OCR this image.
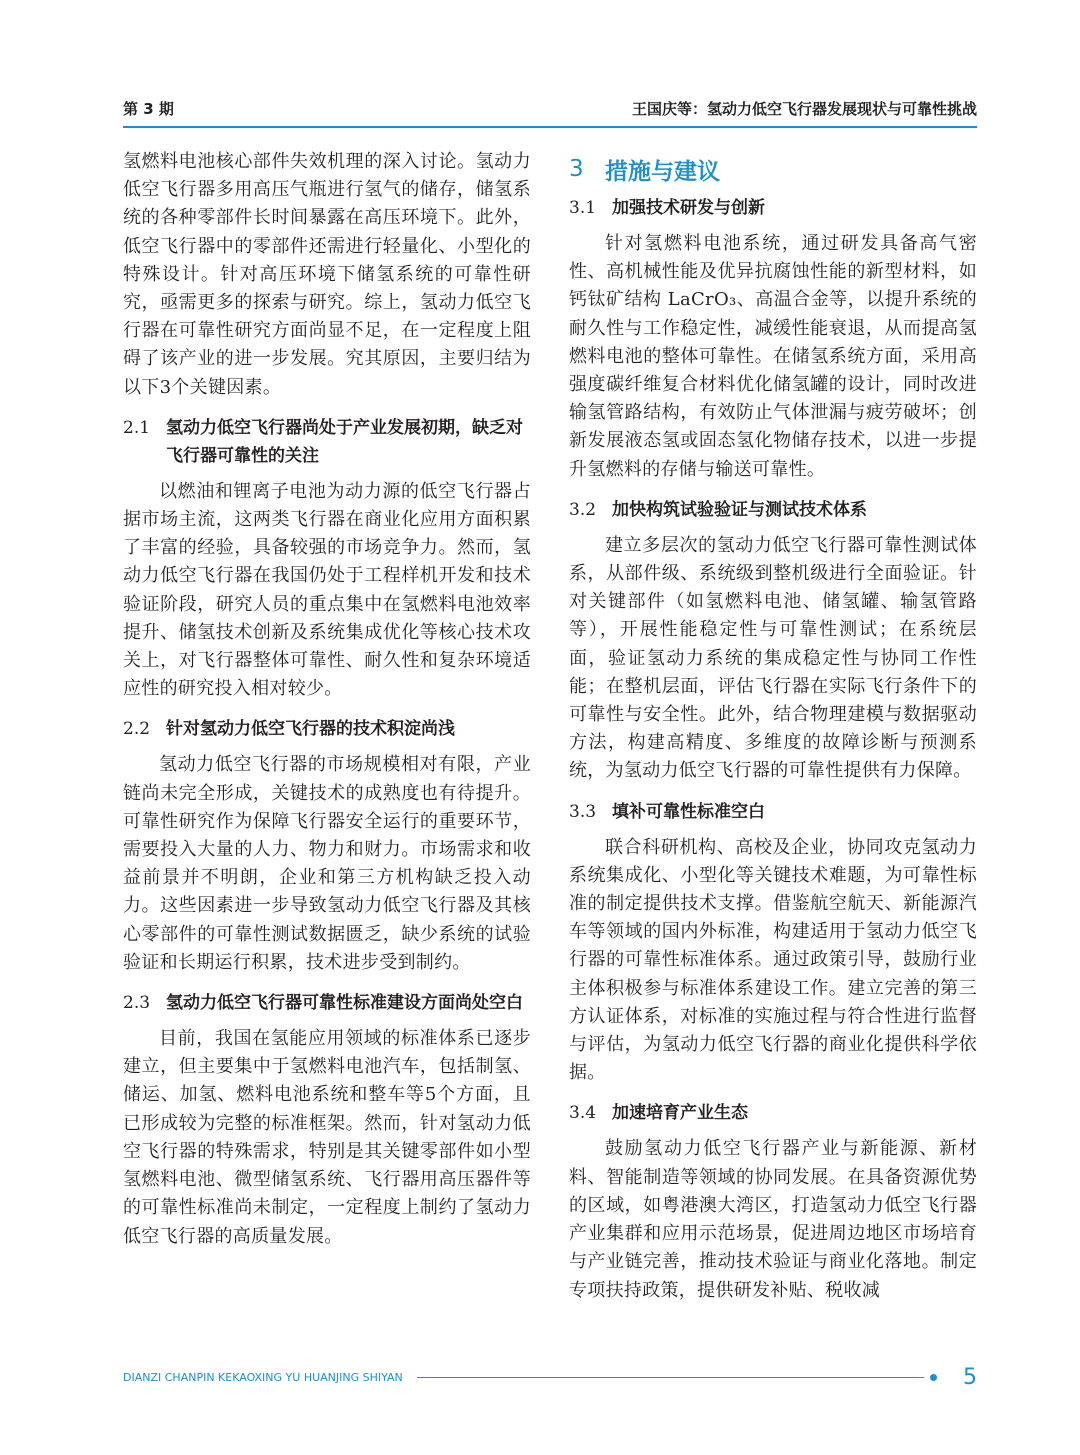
第 3 期	王国庆等：氢动力低空飞行器发展现状与可靠性挑战

氢燃料电池核心部件失效机理的深入讨论。氢动力低空飞行器多用高压气瓶进行氢气的储存，储氢系统的各种零部件长时间暴露在高压环境下。此外，低空飞行器中的零部件还需进行轻量化、小型化的特殊设计。针对高压环境下储氢系统的可靠性研究，亟需更多的探索与研究。综上，氢动力低空飞行器在可靠性研究方面尚显不足，在一定程度上阻碍了该产业的进一步发展。究其原因，主要归结为以下3个关键因素。

2.1 氢动力低空飞行器尚处于产业发展初期，缺乏对飞行器可靠性的关注

以燃油和锂离子电池为动力源的低空飞行器占据市场主流，这两类飞行器在商业化应用方面积累了丰富的经验，具备较强的市场竞争力。然而，氢动力低空飞行器在我国仍处于工程样机开发和技术验证阶段，研究人员的重点集中在氢燃料电池效率提升、储氢技术创新及系统集成优化等核心技术攻关上，对飞行器整体可靠性、耐久性和复杂环境适应性的研究投入相对较少。

2.2 针对氢动力低空飞行器的技术积淀尚浅

氢动力低空飞行器的市场规模相对有限，产业链尚未完全形成，关键技术的成熟度也有待提升。可靠性研究作为保障飞行器安全运行的重要环节，需要投入大量的人力、物力和财力。市场需求和收益前景并不明朗，企业和第三方机构缺乏投入动力。这些因素进一步导致氢动力低空飞行器及其核心零部件的可靠性测试数据匮乏，缺少系统的试验验证和长期运行积累，技术进步受到制约。

2.3 氢动力低空飞行器可靠性标准建设方面尚处空白

目前，我国在氢能应用领域的标准体系已逐步建立，但主要集中于氢燃料电池汽车，包括制氢、储运、加氢、燃料电池系统和整车等5个方面，且已形成较为完整的标准框架。然而，针对氢动力低空飞行器的特殊需求，特别是其关键零部件如小型氢燃料电池、微型储氢系统、飞行器用高压器件等的可靠性标准尚未制定，一定程度上制约了氢动力低空飞行器的高质量发展。

3 措施与建议
3.1 加强技术研发与创新

针对氢燃料电池系统，通过研发具备高气密性、高机械性能及优异抗腐蚀性能的新型材料，如钙钛矿结构 LaCrO₃、高温合金等，以提升系统的耐久性与工作稳定性，减缓性能衰退，从而提高氢燃料电池的整体可靠性。在储氢系统方面，采用高强度碳纤维复合材料优化储氢罐的设计，同时改进输氢管路结构，有效防止气体泄漏与疲劳破坏；创新发展液态氢或固态氢化物储存技术，以进一步提升氢燃料的存储与输送可靠性。

3.2 加快构筑试验验证与测试技术体系

建立多层次的氢动力低空飞行器可靠性测试体系，从部件级、系统级到整机级进行全面验证。针对关键部件（如氢燃料电池、储氢罐、输氢管路等），开展性能稳定性与可靠性测试；在系统层面，验证氢动力系统的集成稳定性与协同工作性能；在整机层面，评估飞行器在实际飞行条件下的可靠性与安全性。此外，结合物理建模与数据驱动方法，构建高精度、多维度的故障诊断与预测系统，为氢动力低空飞行器的可靠性提供有力保障。

3.3 填补可靠性标准空白

联合科研机构、高校及企业，协同攻克氢动力系统集成化、小型化等关键技术难题，为可靠性标准的制定提供技术支撑。借鉴航空航天、新能源汽车等领域的国内外标准，构建适用于氢动力低空飞行器的可靠性标准体系。通过政策引导，鼓励行业主体积极参与标准体系建设工作。建立完善的第三方认证体系，对标准的实施过程与符合性进行监督与评估，为氢动力低空飞行器的商业化提供科学依据。

3.4 加速培育产业生态

鼓励氢动力低空飞行器产业与新能源、新材料、智能制造等领域的协同发展。在具备资源优势的区域，如粤港澳大湾区，打造氢动力低空飞行器产业集群和应用示范场景，促进周边地区市场培育与产业链完善，推动技术验证与商业化落地。制定专项扶持政策，提供研发补贴、税收减

DIANZI CHANPIN KEKAOXING YU HUANJING SHIYAN	5
